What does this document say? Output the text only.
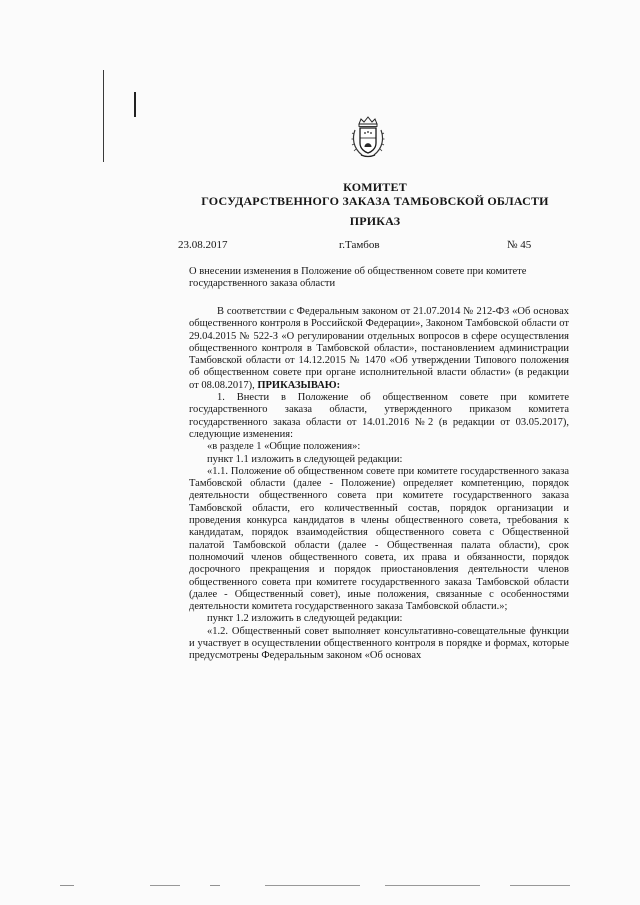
КОМИТЕТ
ГОСУДАРСТВЕННОГО ЗАКАЗА ТАМБОВСКОЙ ОБЛАСТИ
ПРИКАЗ
23.08.2017	г.Тамбов	№ 45
О внесении изменения в Положение об общественном совете при комитете
государственного заказа области

В соответствии с Федеральным законом от 21.07.2014 № 212-ФЗ «Об основах общественного контроля в Российской Федерации», Законом Тамбовской области от 29.04.2015 № 522-З «О регулировании отдельных вопросов в сфере осуществления общественного контроля в Тамбовской области», постановлением администрации Тамбовской области от 14.12.2015 № 1470 «Об утверждении Типового положения об общественном совете при органе исполнительной власти области» (в редакции от 08.08.2017), ПРИКАЗЫВАЮ:

1. Внести в Положение об общественном совете при комитете государственного заказа области, утвержденного приказом комитета государственного заказа области от 14.01.2016 №2 (в редакции от 03.05.2017), следующие изменения:

«в разделе 1 «Общие положения»:

пункт 1.1 изложить в следующей редакции:

«1.1. Положение об общественном совете при комитете государственного заказа Тамбовской области (далее - Положение) определяет компетенцию, порядок деятельности общественного совета при комитете государственного заказа Тамбовской области, его количественный состав, порядок организации и проведения конкурса кандидатов в члены общественного совета, требования к кандидатам, порядок взаимодействия общественного совета с Общественной палатой Тамбовской области (далее - Общественная палата области), срок полномочий членов общественного совета, их права и обязанности, порядок досрочного прекращения и порядок приостановления деятельности членов общественного совета при комитете государственного заказа Тамбовской области (далее - Общественный совет), иные положения, связанные с особенностями деятельности комитета государственного заказа Тамбовской области.»;

пункт 1.2 изложить в следующей редакции:

«1.2. Общественный совет выполняет консультативно-совещательные функции и участвует в осуществлении общественного контроля в порядке и формах, которые предусмотрены Федеральным законом «Об основах
